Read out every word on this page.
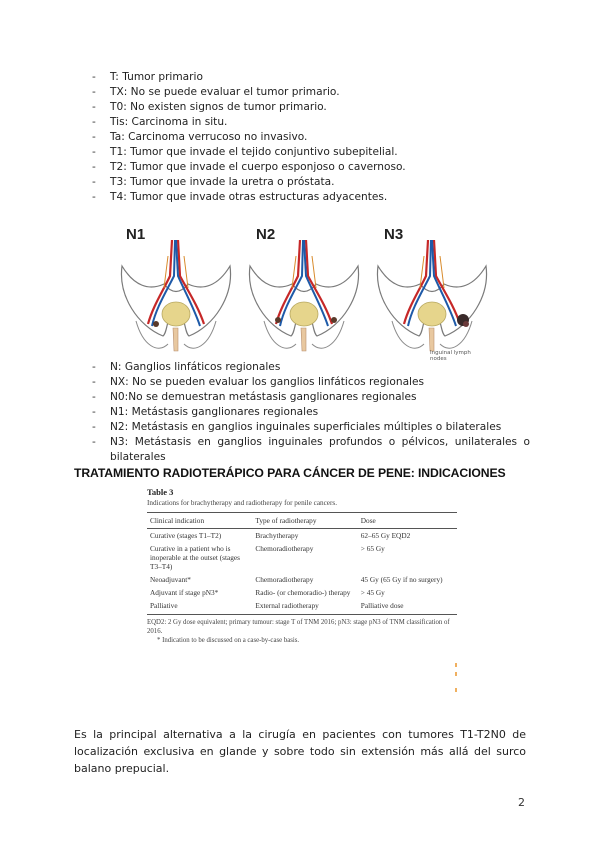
- T: Tumor primario
- TX: No se puede evaluar el tumor primario.
- T0: No existen signos de tumor primario.
- Tis: Carcinoma in situ.
- Ta: Carcinoma verrucoso no invasivo.
- T1: Tumor que invade el tejido conjuntivo subepitelial.
- T2: Tumor que invade el cuerpo esponjoso o cavernoso.
- T3: Tumor que invade la uretra o próstata.
- T4: Tumor que invade otras estructuras adyacentes.
N1	N2	N3
Inguinal lymph nodes
- N: Ganglios linfáticos regionales
- NX: No se pueden evaluar los ganglios linfáticos regionales
- N0:No se demuestran metástasis ganglionares regionales
- N1: Metástasis ganglionares regionales
- N2: Metástasis en ganglios inguinales superficiales múltiples o bilaterales
- N3: Metástasis en ganglios inguinales profundos o pélvicos, unilaterales o bilaterales
TRATAMIENTO RADIOTERÁPICO PARA CÁNCER DE PENE: INDICACIONES
Table 3
Indications for brachytherapy and radiotherapy for penile cancers.
Clinical indication	Type of radiotherapy	Dose
Curative (stages T1–T2)	Brachytherapy	62–65 Gy EQD2
Curative in a patient who is inoperable at the outset (stages T3–T4)	Chemoradiotherapy	> 65 Gy
Neoadjuvant*	Chemoradiotherapy	45 Gy (65 Gy if no surgery)
Adjuvant if stage pN3*	Radio- (or chemoradio-) therapy	> 45 Gy
Palliative	External radiotherapy	Palliative dose
EQD2: 2 Gy dose equivalent; primary tumour: stage T of TNM 2016; pN3: stage pN3 of TNM classification of 2016.
* Indication to be discussed on a case-by-case basis.

Es la principal alternativa a la cirugía en pacientes con tumores T1-T2N0 de localización exclusiva en glande y sobre todo sin extensión más allá del surco balano prepucial.

2
